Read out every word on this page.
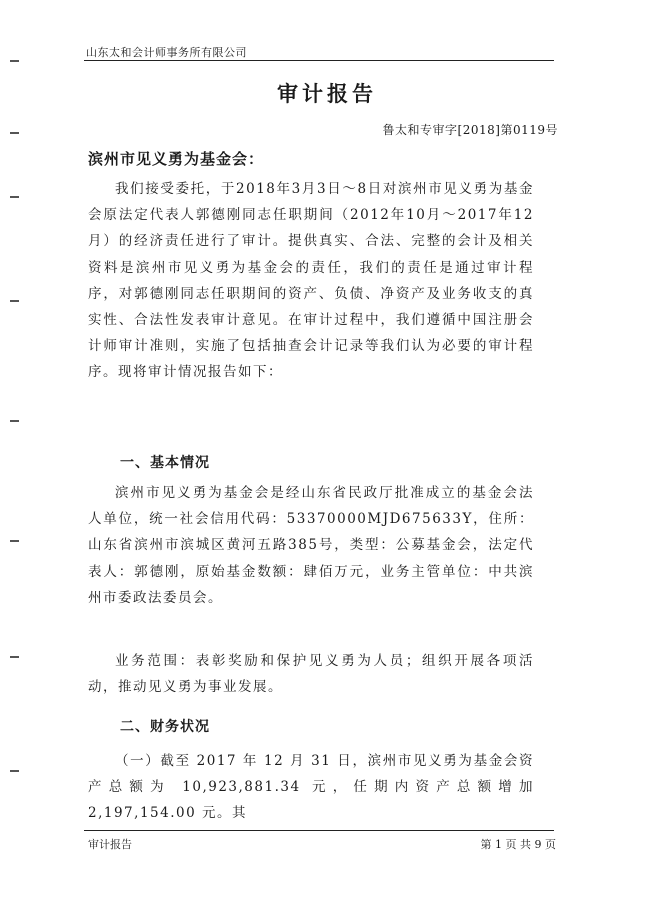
山东太和会计师事务所有限公司
审计报告
鲁太和专审字[2018]第0119号
滨州市见义勇为基金会：

我们接受委托，于2018年3月3日～8日对滨州市见义勇为基金会原法定代表人郭德刚同志任职期间（2012年10月～2017年12月）的经济责任进行了审计。提供真实、合法、完整的会计及相关资料是滨州市见义勇为基金会的责任，我们的责任是通过审计程序，对郭德刚同志任职期间的资产、负债、净资产及业务收支的真实性、合法性发表审计意见。在审计过程中，我们遵循中国注册会计师审计准则，实施了包括抽查会计记录等我们认为必要的审计程序。现将审计情况报告如下：

一、基本情况

滨州市见义勇为基金会是经山东省民政厅批准成立的基金会法人单位，统一社会信用代码：53370000MJD675633Y，住所：山东省滨州市滨城区黄河五路385号，类型：公募基金会，法定代表人：郭德刚，原始基金数额：肆佰万元，业务主管单位：中共滨州市委政法委员会。

业务范围：表彰奖励和保护见义勇为人员；组织开展各项活动，推动见义勇为事业发展。

二、财务状况

（一）截至 2017 年 12 月 31 日，滨州市见义勇为基金会资产总额为 10,923,881.34 元，任期内资产总额增加 2,197,154.00 元。其

审计报告	第 1 页 共 9 页
